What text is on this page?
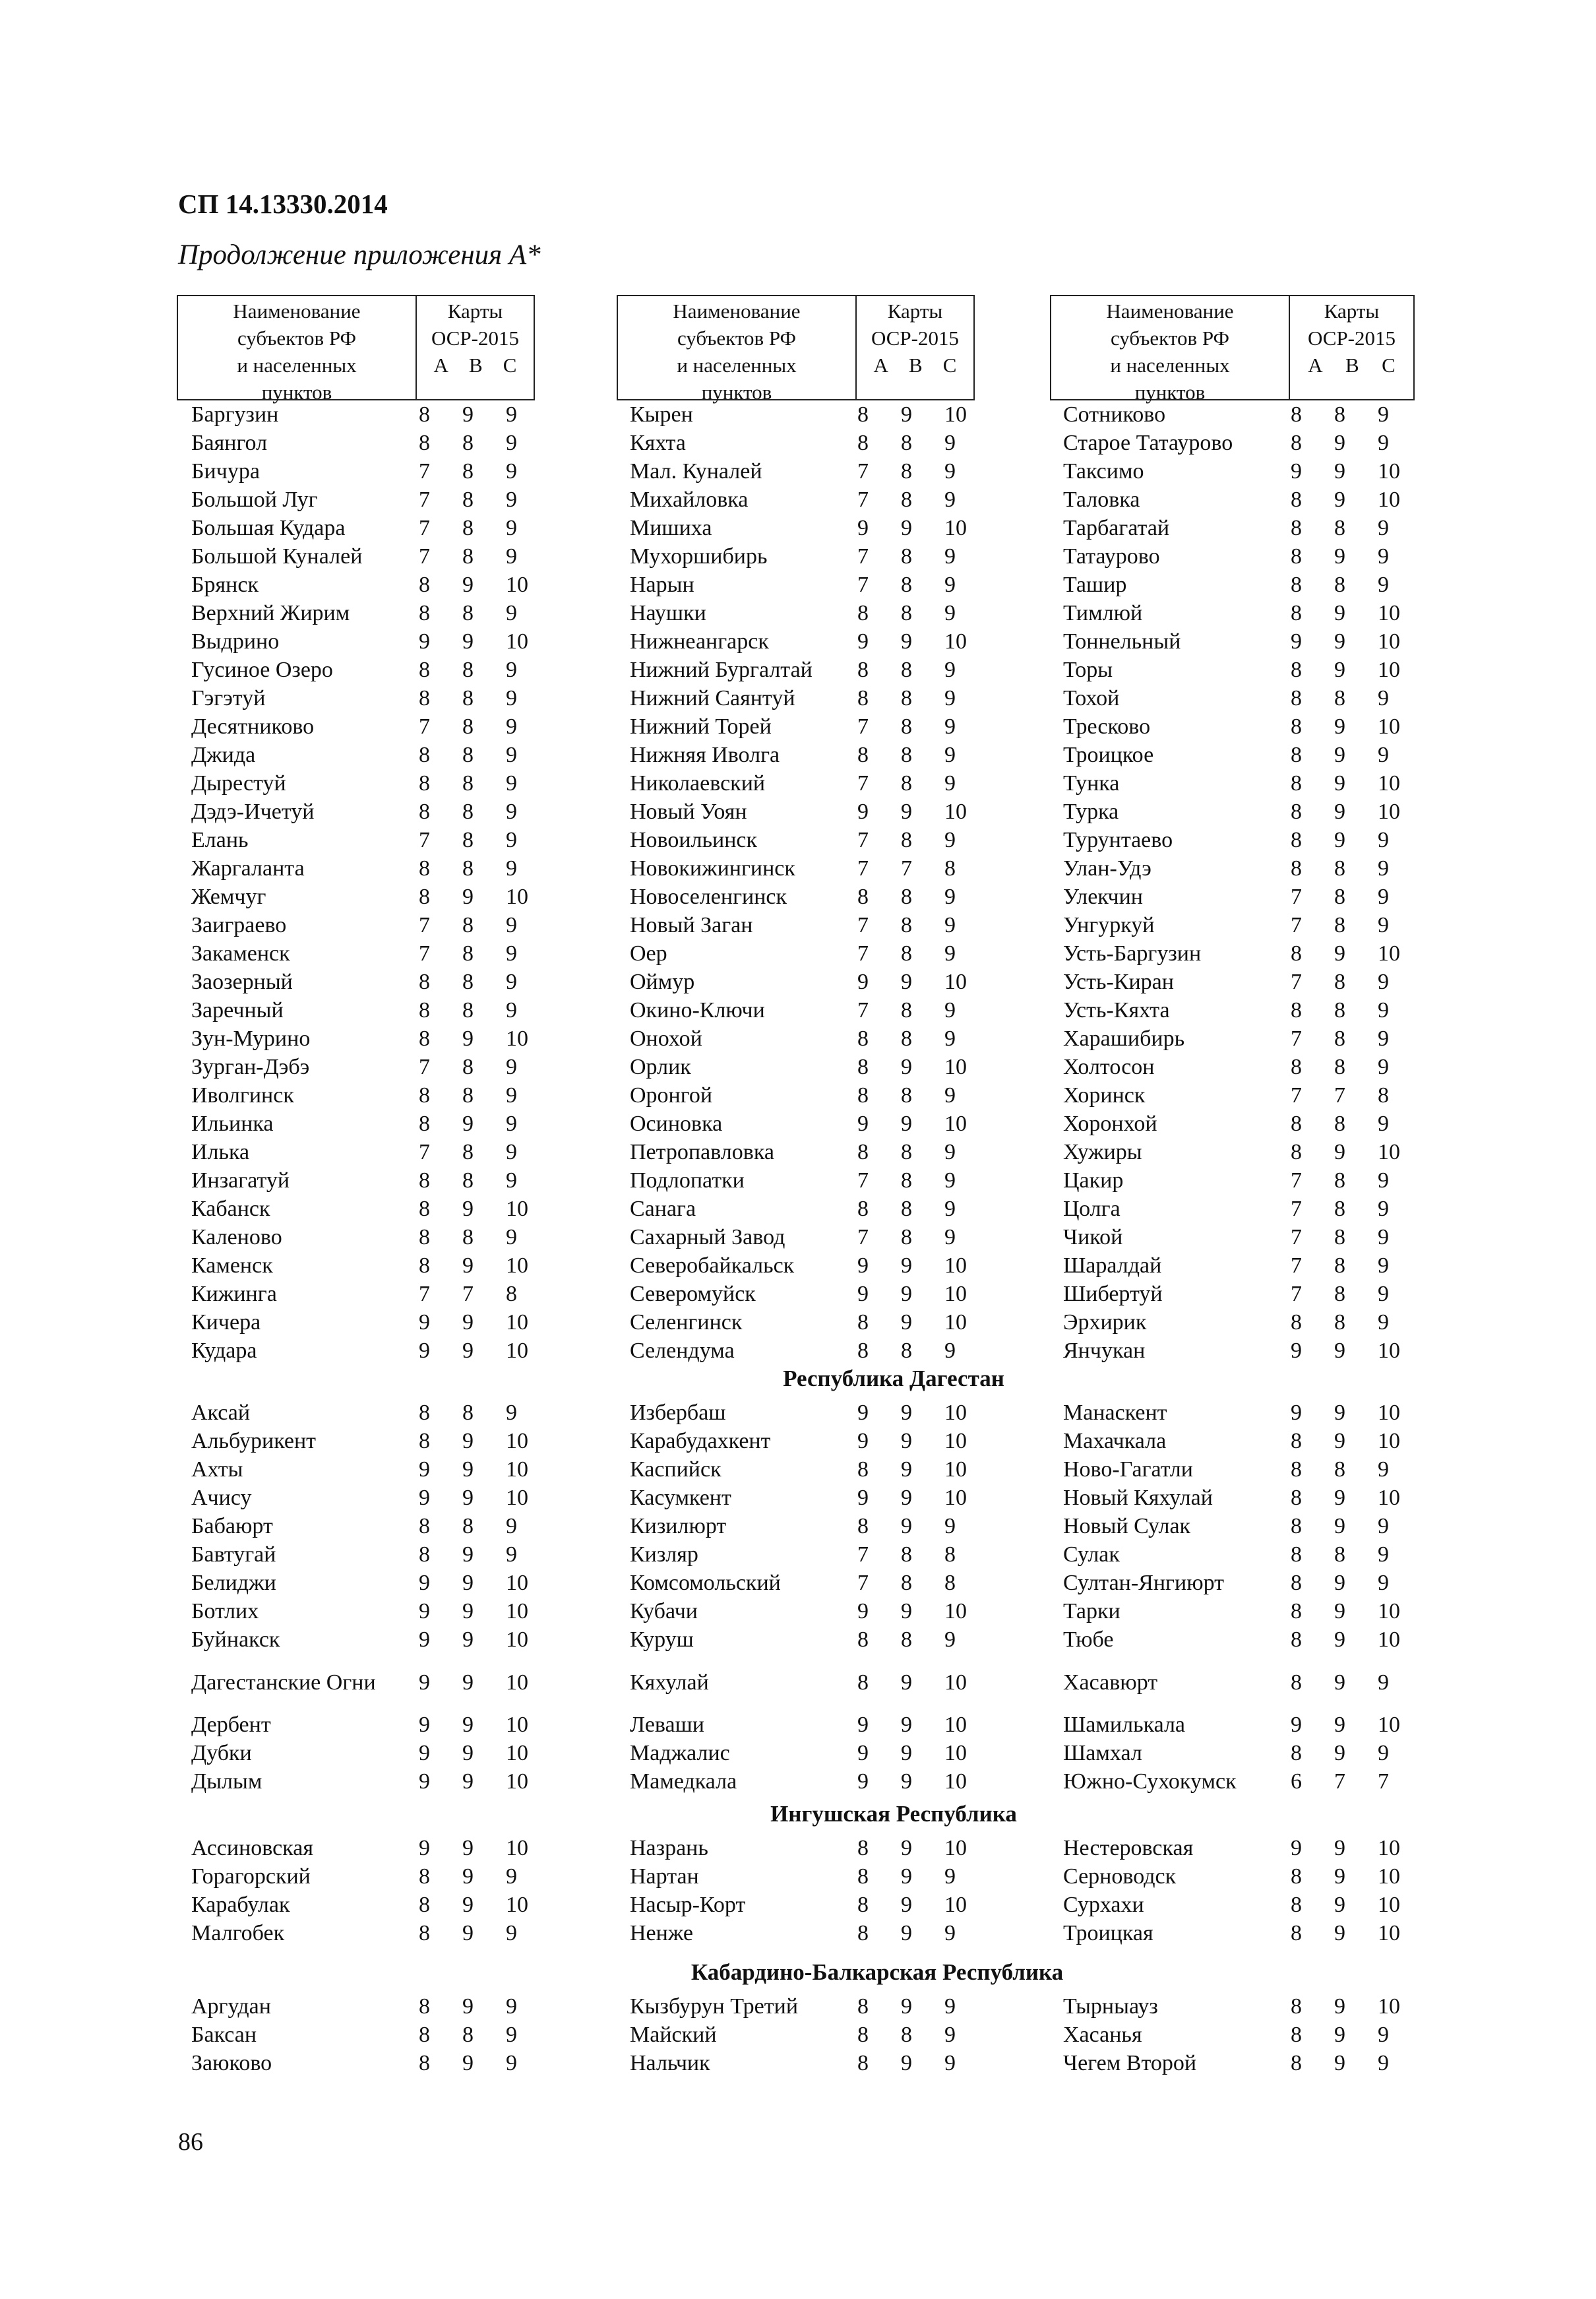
СП 14.13330.2014
Продолжение приложения А*
Наименование
субъектов РФ
и населенных
пунктов
Карты
ОСР-2015
А В С
Наименование
субъектов РФ
и населенных
пунктов
Карты
ОСР-2015
А В С
Наименование
субъектов РФ
и населенных
пунктов
Карты
ОСР-2015
А В С
Баргузин	8	9	9
Баянгол	8	8	9
Бичура	7	8	9
Большой Луг	7	8	9
Большая Кудара	7	8	9
Большой Куналей	7	8	9
Брянск	8	9	10
Верхний Жирим	8	8	9
Выдрино	9	9	10
Гусиное Озеро	8	8	9
Гэгэтуй	8	8	9
Десятниково	7	8	9
Джида	8	8	9
Дырестуй	8	8	9
Дэдэ-Ичетуй	8	8	9
Елань	7	8	9
Жаргаланта	8	8	9
Жемчуг	8	9	10
Заиграево	7	8	9
Закаменск	7	8	9
Заозерный	8	8	9
Заречный	8	8	9
Зун-Мурино	8	9	10
Зурган-Дэбэ	7	8	9
Иволгинск	8	8	9
Ильинка	8	9	9
Илька	7	8	9
Инзагатуй	8	8	9
Кабанск	8	9	10
Каленово	8	8	9
Каменск	8	9	10
Кижинга	7	7	8
Кичера	9	9	10
Кудара	9	9	10
Кырен	8	9	10
Кяхта	8	8	9
Мал. Куналей	7	8	9
Михайловка	7	8	9
Мишиха	9	9	10
Мухоршибирь	7	8	9
Нарын	7	8	9
Наушки	8	8	9
Нижнеангарск	9	9	10
Нижний Бургалтай	8	8	9
Нижний Саянтуй	8	8	9
Нижний Торей	7	8	9
Нижняя Иволга	8	8	9
Николаевский	7	8	9
Новый Уоян	9	9	10
Новоильинск	7	8	9
Новокижингинск	7	7	8
Новоселенгинск	8	8	9
Новый Заган	7	8	9
Оер	7	8	9
Оймур	9	9	10
Окино-Ключи	7	8	9
Онохой	8	8	9
Орлик	8	9	10
Оронгой	8	8	9
Осиновка	9	9	10
Петропавловка	8	8	9
Подлопатки	7	8	9
Санага	8	8	9
Сахарный Завод	7	8	9
Северобайкальск	9	9	10
Северомуйск	9	9	10
Селенгинск	8	9	10
Селендума	8	8	9
Сотниково	8	8	9
Старое Татаурово	8	9	9
Таксимо	9	9	10
Таловка	8	9	10
Тарбагатай	8	8	9
Татаурово	8	9	9
Ташир	8	8	9
Тимлюй	8	9	10
Тоннельный	9	9	10
Торы	8	9	10
Тохой	8	8	9
Тресково	8	9	10
Троицкое	8	9	9
Тунка	8	9	10
Турка	8	9	10
Турунтаево	8	9	9
Улан-Удэ	8	8	9
Улекчин	7	8	9
Унгуркуй	7	8	9
Усть-Баргузин	8	9	10
Усть-Киран	7	8	9
Усть-Кяхта	8	8	9
Харашибирь	7	8	9
Холтосон	8	8	9
Хоринск	7	7	8
Хоронхой	8	8	9
Хужиры	8	9	10
Цакир	7	8	9
Цолга	7	8	9
Чикой	7	8	9
Шаралдай	7	8	9
Шибертуй	7	8	9
Эрхирик	8	8	9
Янчукан	9	9	10
Республика Дагестан
Аксай	8	8	9
Альбурикент	8	9	10
Ахты	9	9	10
Ачису	9	9	10
Бабаюрт	8	8	9
Бавтугай	8	9	9
Белиджи	9	9	10
Ботлих	9	9	10
Буйнакск	9	9	10
Дагестанские Огни	9	9	10
Дербент	9	9	10
Дубки	9	9	10
Дылым	9	9	10
Избербаш	9	9	10
Карабудахкент	9	9	10
Каспийск	8	9	10
Касумкент	9	9	10
Кизилюрт	8	9	9
Кизляр	7	8	8
Комсомольский	7	8	8
Кубачи	9	9	10
Куруш	8	8	9
Кяхулай	8	9	10
Леваши	9	9	10
Маджалис	9	9	10
Мамедкала	9	9	10
Манаскент	9	9	10
Махачкала	8	9	10
Ново-Гагатли	8	8	9
Новый Кяхулай	8	9	10
Новый Сулак	8	9	9
Сулак	8	8	9
Султан-Янгиюрт	8	9	9
Тарки	8	9	10
Тюбе	8	9	10
Хасавюрт	8	9	9
Шамилькала	9	9	10
Шамхал	8	9	9
Южно-Сухокумск	6	7	7
Ингушская Республика
Ассиновская	9	9	10
Горагорский	8	9	9
Карабулак	8	9	10
Малгобек	8	9	9
Назрань	8	9	10
Нартан	8	9	9
Насыр-Корт	8	9	10
Ненже	8	9	9
Нестеровская	9	9	10
Серноводск	8	9	10
Сурхахи	8	9	10
Троицкая	8	9	10
Кабардино-Балкарская Республика
Аргудан	8	9	9
Баксан	8	8	9
Заюково	8	9	9
Кызбурун Третий	8	9	9
Майский	8	8	9
Нальчик	8	9	9
Тырныауз	8	9	10
Хасанья	8	9	9
Чегем Второй	8	9	9
86
